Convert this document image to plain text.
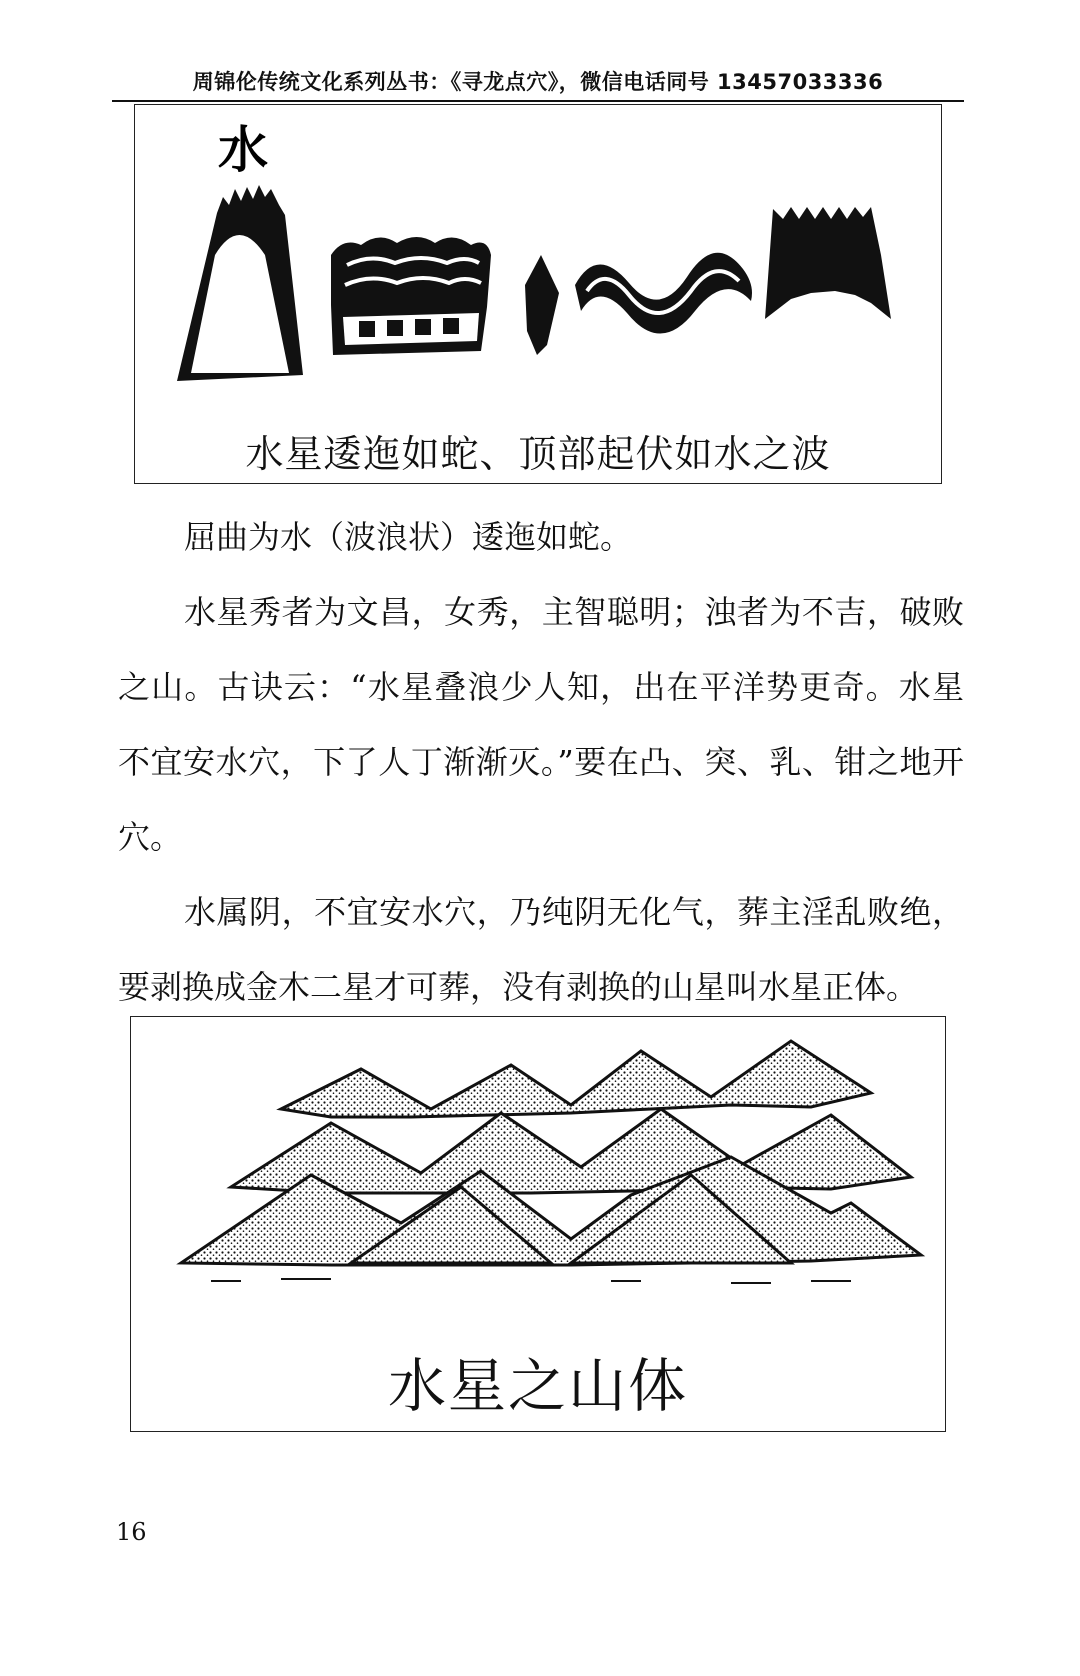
周锦伦传统文化系列丛书：《寻龙点穴》，微信电话同号 13457033336
水
水星逶迤如蛇、顶部起伏如水之波

屈曲为水（波浪状）逶迤如蛇。

水星秀者为文昌，女秀，主智聪明；浊者为不吉，破败之山。古诀云：“水星叠浪少人知，出在平洋势更奇。水星不宜安水穴，下了人丁渐渐灭。”要在凸、突、乳、钳之地开穴。

水属阴，不宜安水穴，乃纯阴无化气，葬主淫乱败绝，要剥换成金木二星才可葬，没有剥换的山星叫水星正体。

水星之山体
16
